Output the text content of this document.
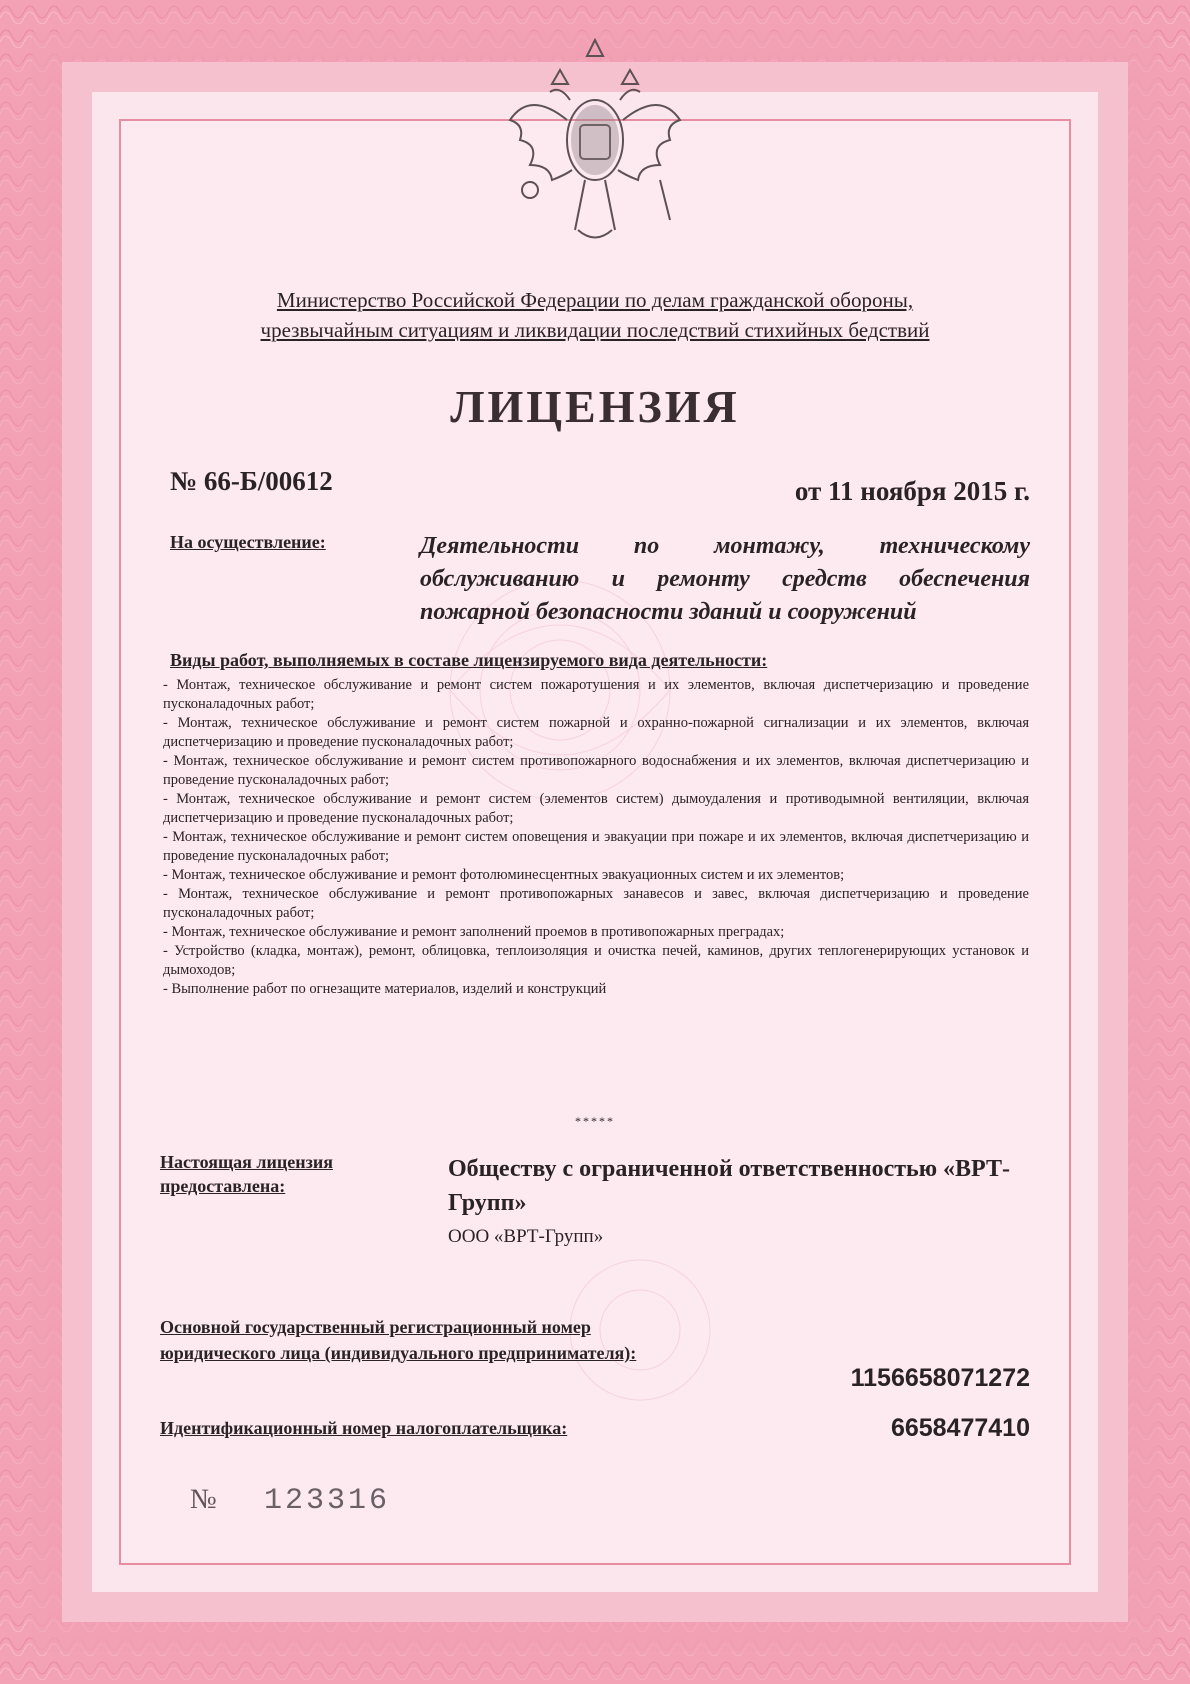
Министерство Российской Федерации по делам гражданской обороны,
чрезвычайным ситуациям и ликвидации последствий стихийных бедствий
ЛИЦЕНЗИЯ
№ 66-Б/00612	от 11 ноября 2015 г.
На осуществление:	Деятельности по монтажу, техническому обслуживанию и ремонту средств обеспечения пожарной безопасности зданий и сооружений
Виды работ, выполняемых в составе лицензируемого вида деятельности:
- Монтаж, техническое обслуживание и ремонт систем пожаротушения и их элементов, включая диспетчеризацию и проведение пусконаладочных работ;
- Монтаж, техническое обслуживание и ремонт систем пожарной и охранно-пожарной сигнализации и их элементов, включая диспетчеризацию и проведение пусконаладочных работ;
- Монтаж, техническое обслуживание и ремонт систем противопожарного водоснабжения и их элементов, включая диспетчеризацию и проведение пусконаладочных работ;
- Монтаж, техническое обслуживание и ремонт систем (элементов систем) дымоудаления и противодымной вентиляции, включая диспетчеризацию и проведение пусконаладочных работ;
- Монтаж, техническое обслуживание и ремонт систем оповещения и эвакуации при пожаре и их элементов, включая диспетчеризацию и проведение пусконаладочных работ;
- Монтаж, техническое обслуживание и ремонт фотолюминесцентных эвакуационных систем и их элементов;
- Монтаж, техническое обслуживание и ремонт противопожарных занавесов и завес, включая диспетчеризацию и проведение пусконаладочных работ;
- Монтаж, техническое обслуживание и ремонт заполнений проемов в противопожарных преградах;
- Устройство (кладка, монтаж), ремонт, облицовка, теплоизоляция и очистка печей, каминов, других теплогенерирующих установок и дымоходов;
- Выполнение работ по огнезащите материалов, изделий и конструкций
*****
Настоящая лицензия предоставлена:
Обществу с ограниченной ответственностью «ВРТ-Групп»
ООО «ВРТ-Групп»
Основной государственный регистрационный номер юридического лица (индивидуального предпринимателя):
1156658071272
Идентификационный номер налогоплательщика:	6658477410
№ 123316
